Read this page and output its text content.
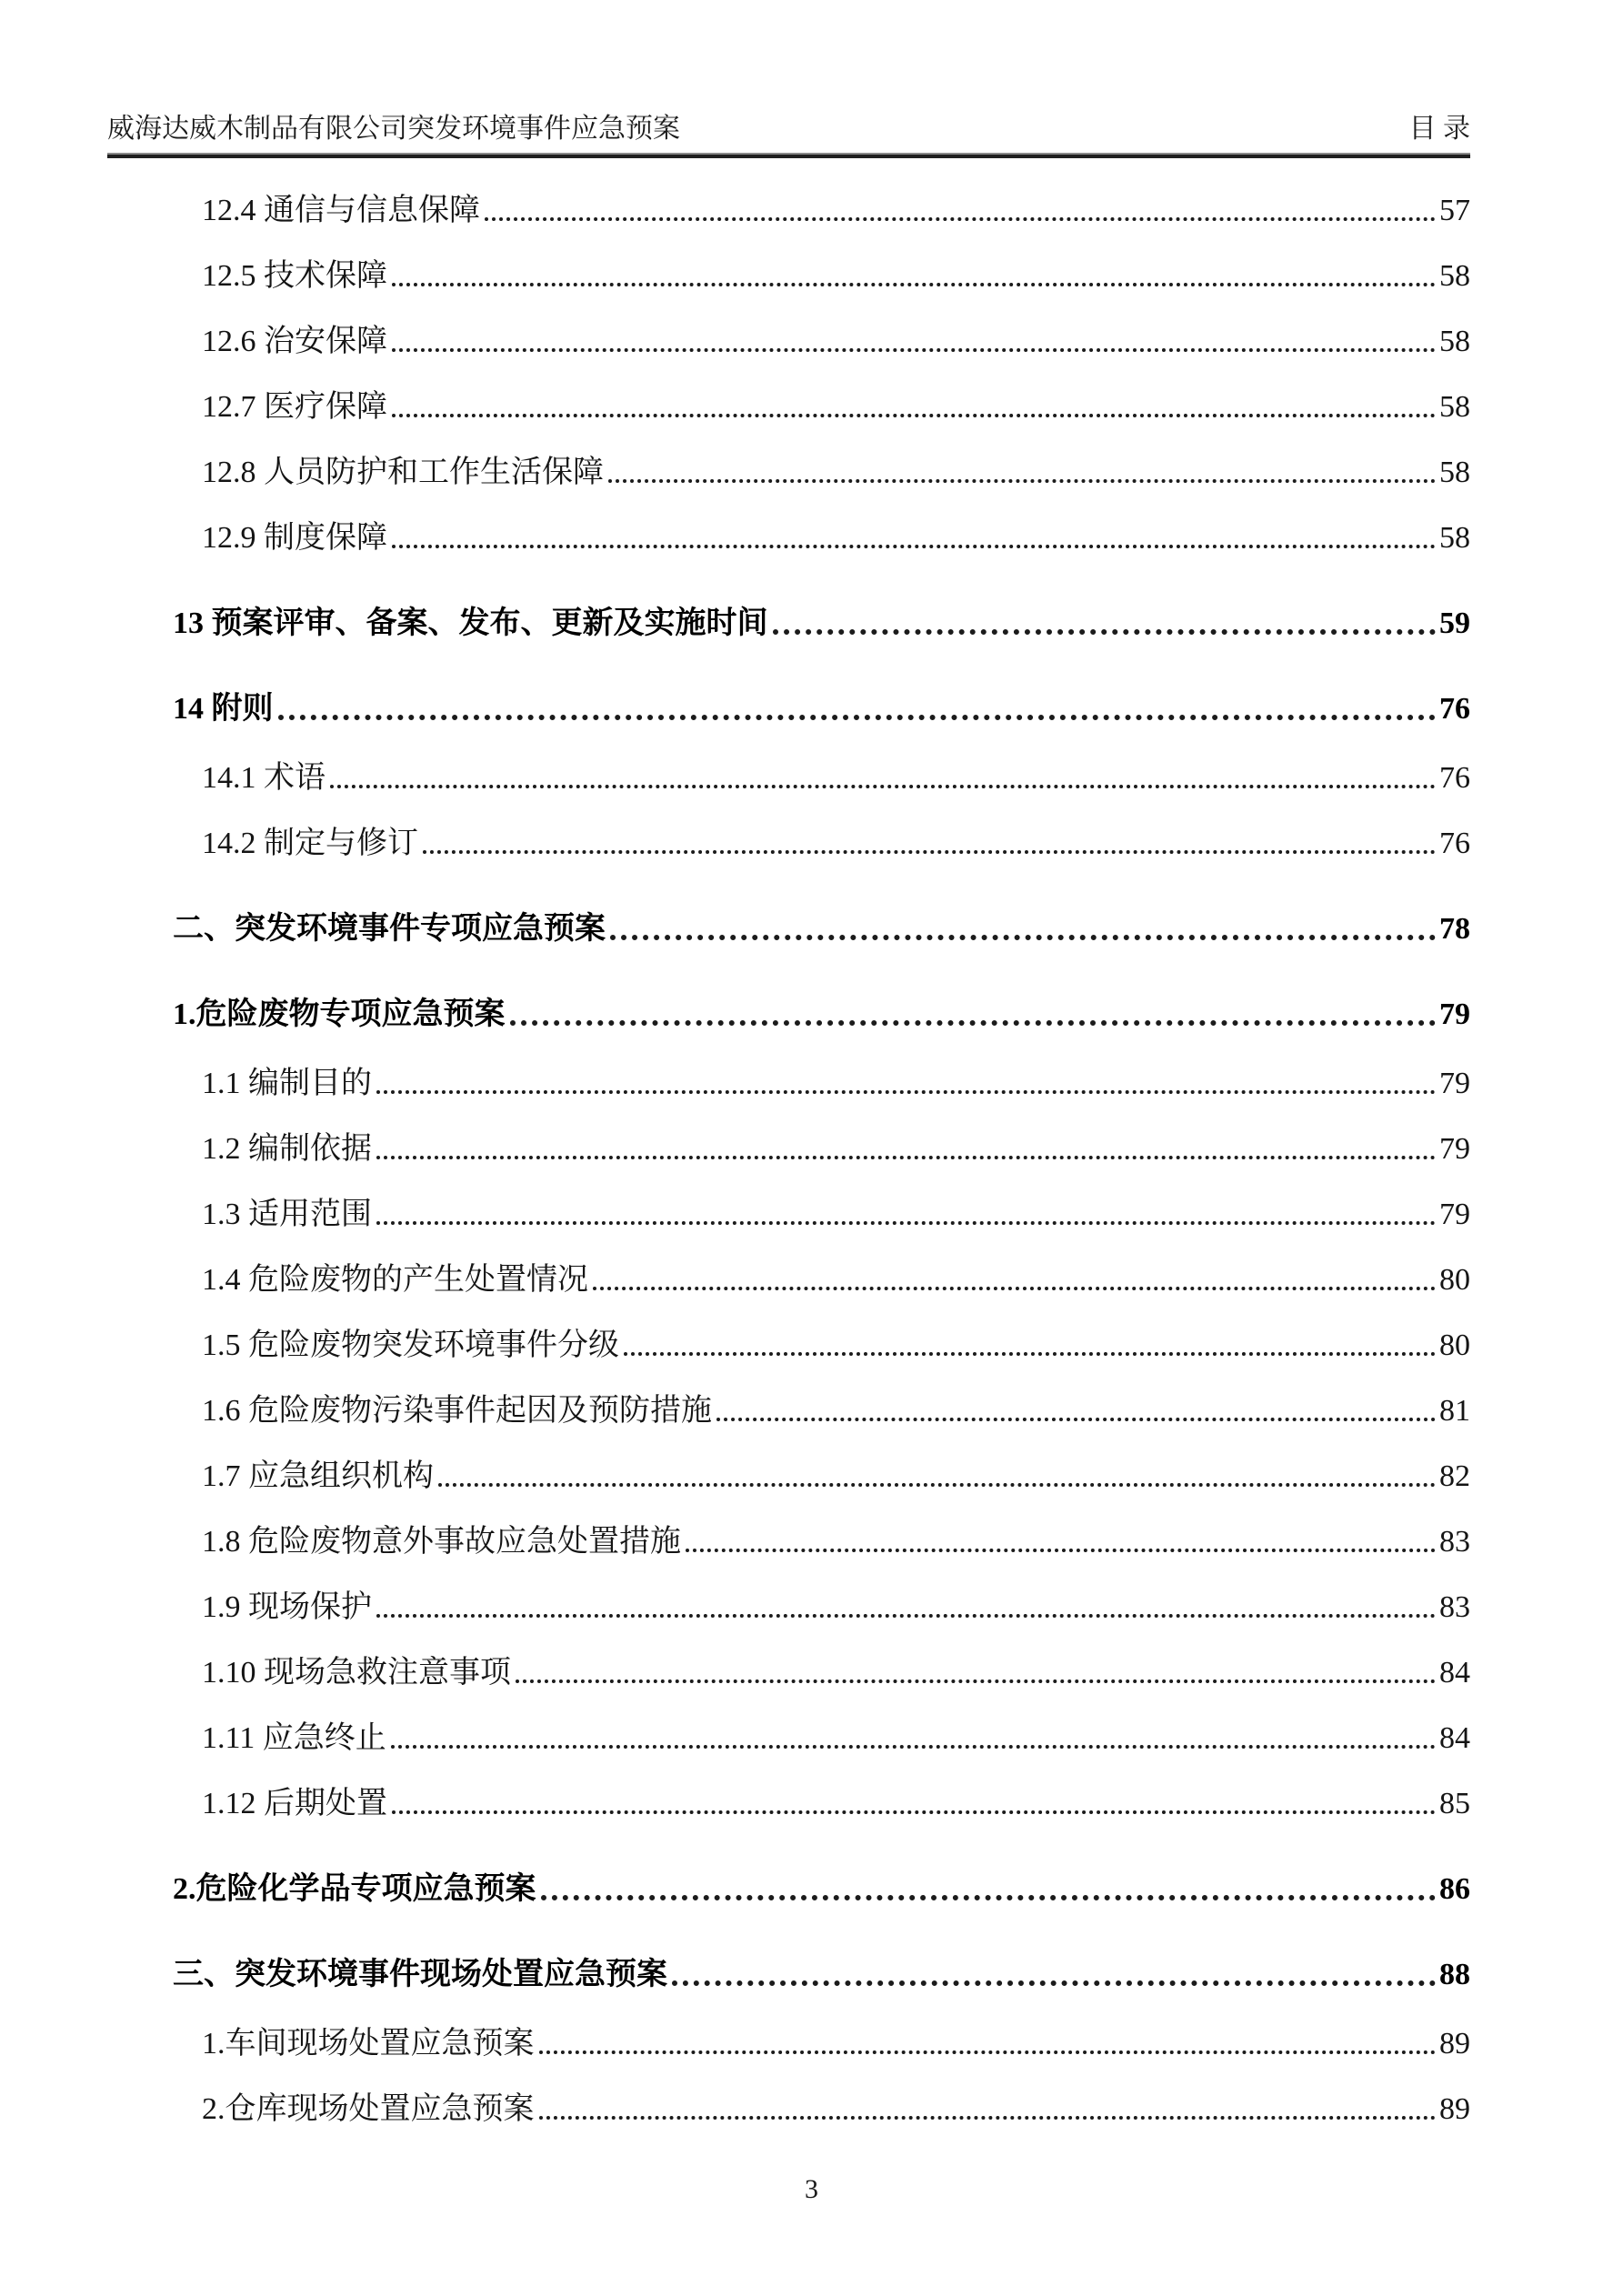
威海达威木制品有限公司突发环境事件应急预案	目 录
12.4 通信与信息保障	57
12.5 技术保障	58
12.6 治安保障	58
12.7 医疗保障	58
12.8 人员防护和工作生活保障	58
12.9 制度保障	58
13 预案评审、备案、发布、更新及实施时间	59
14 附则	76
14.1 术语	76
14.2 制定与修订	76
二、突发环境事件专项应急预案	78
1.危险废物专项应急预案	79
1.1 编制目的	79
1.2 编制依据	79
1.3 适用范围	79
1.4 危险废物的产生处置情况	80
1.5 危险废物突发环境事件分级	80
1.6 危险废物污染事件起因及预防措施	81
1.7 应急组织机构	82
1.8 危险废物意外事故应急处置措施	83
1.9 现场保护	83
1.10 现场急救注意事项	84
1.11 应急终止	84
1.12 后期处置	85
2.危险化学品专项应急预案	86
三、突发环境事件现场处置应急预案	88
1.车间现场处置应急预案	89
2.仓库现场处置应急预案	89
3
